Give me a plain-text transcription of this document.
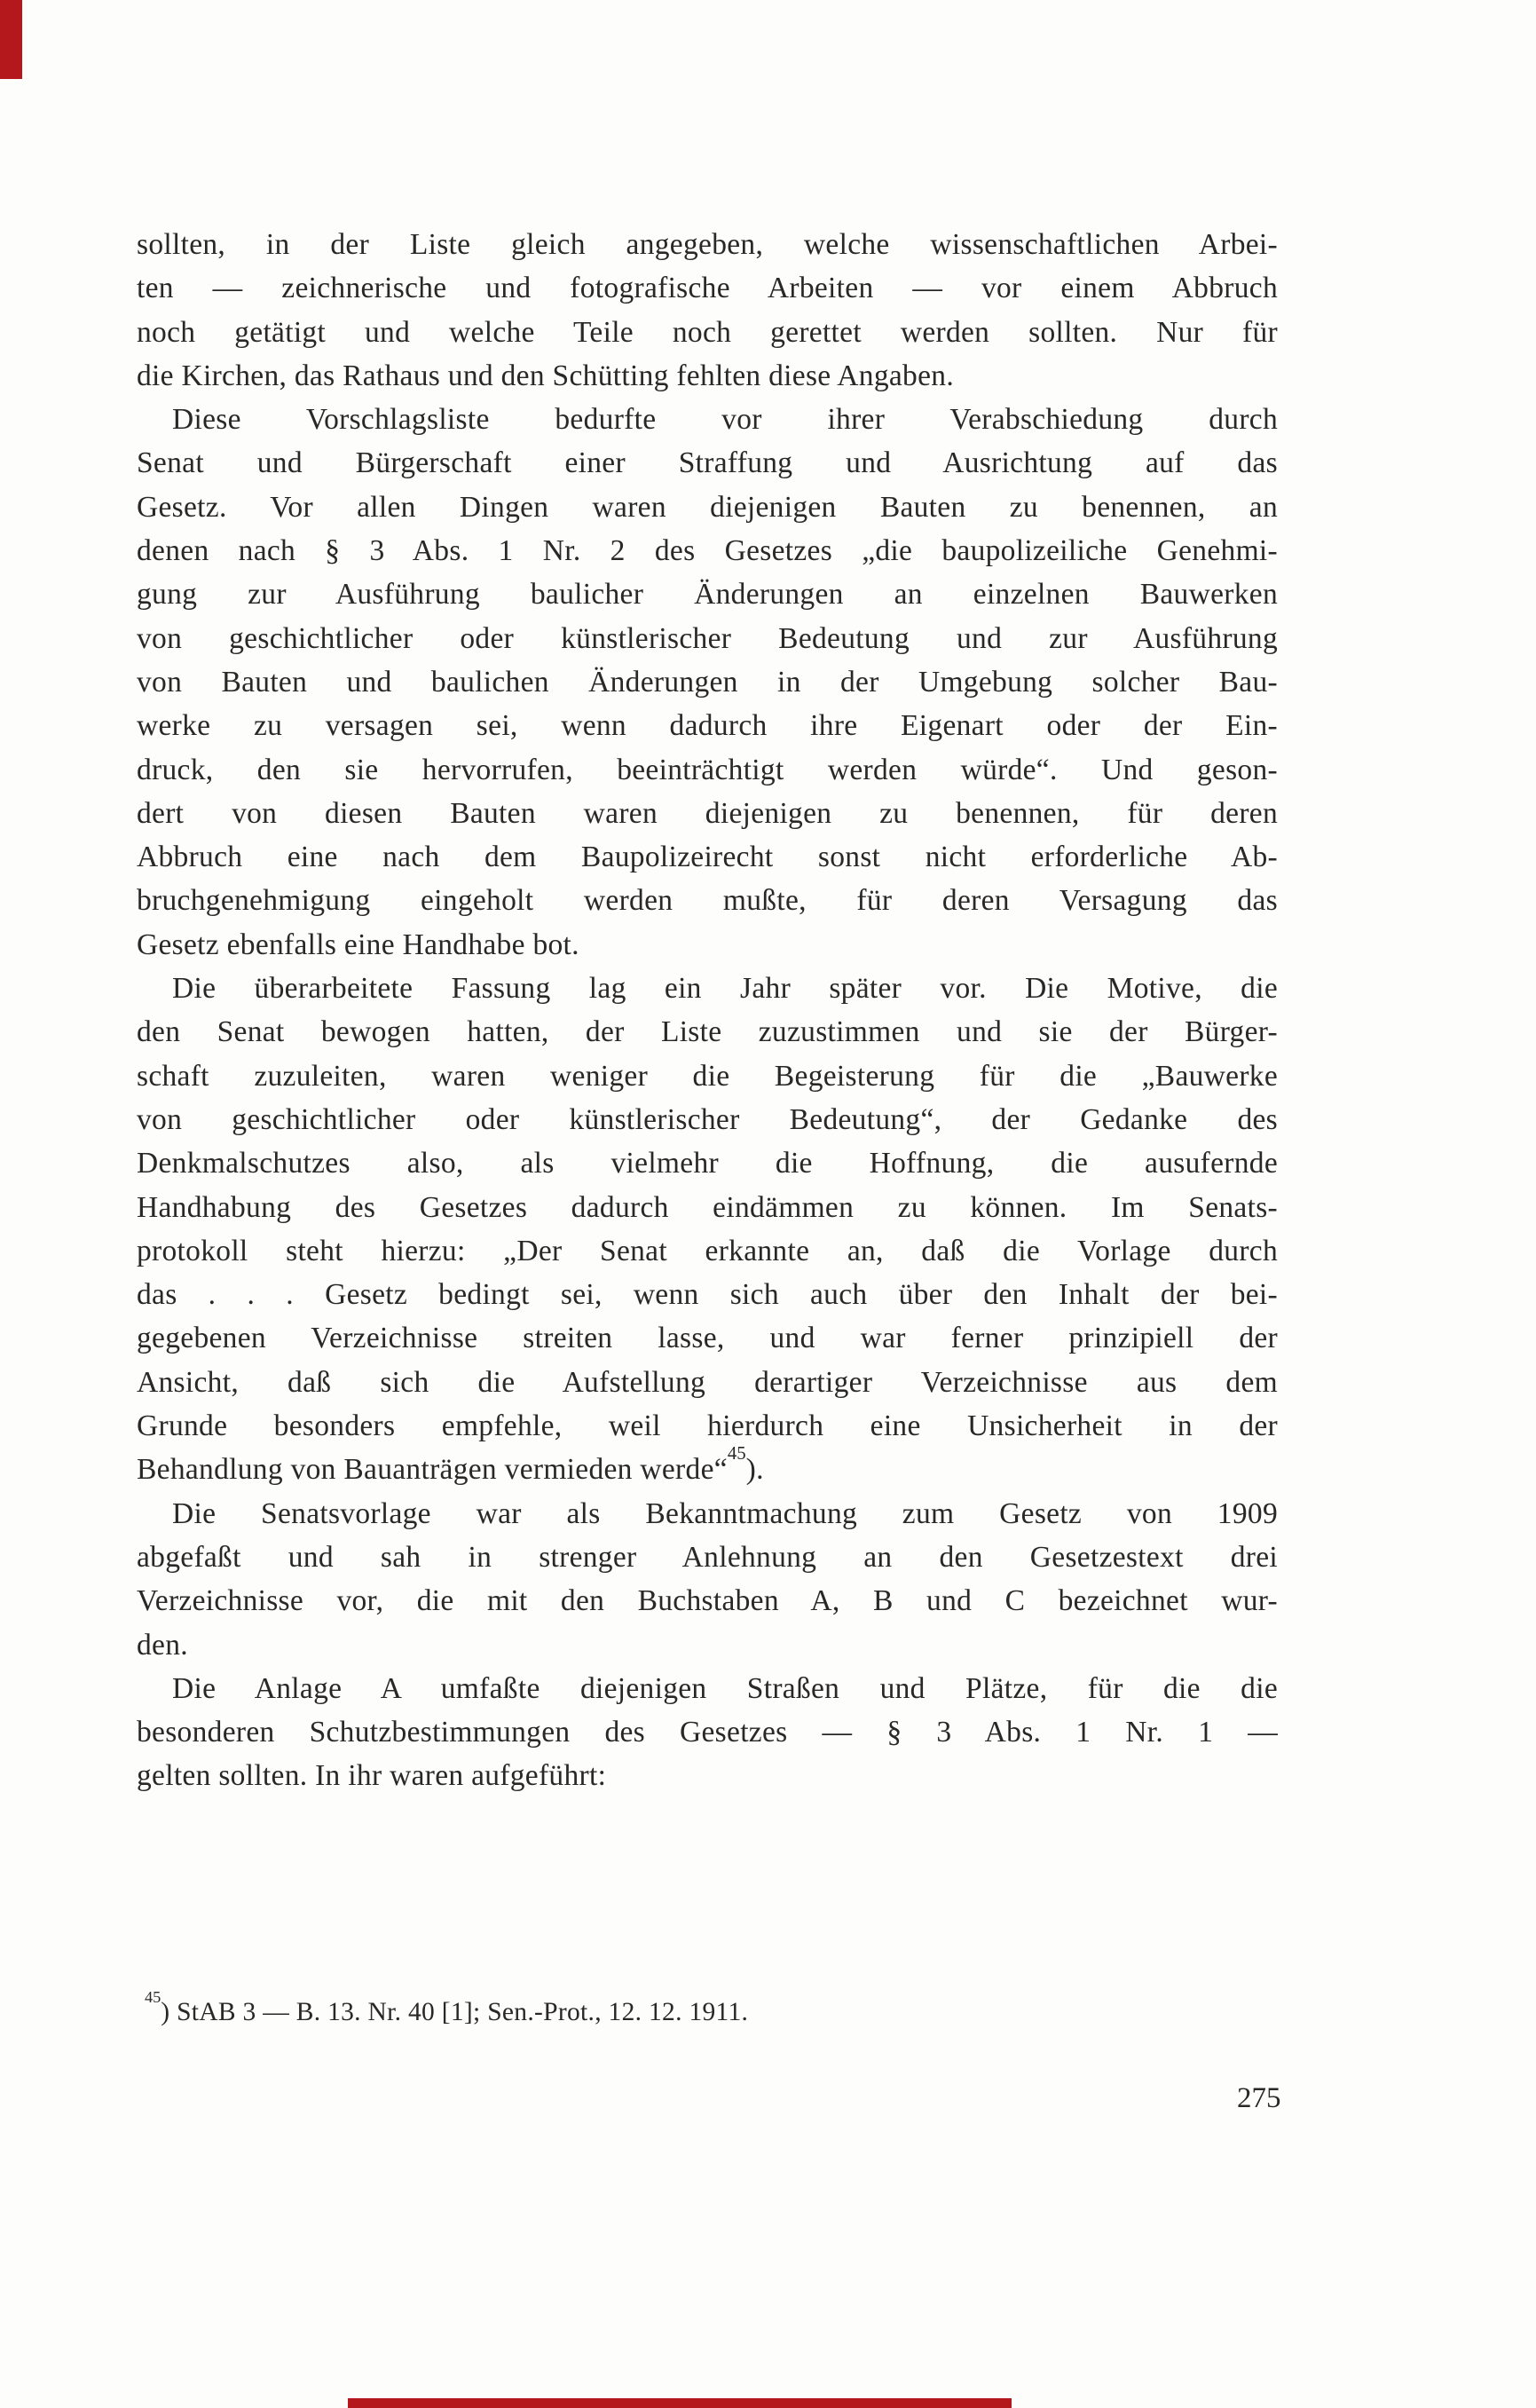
sollten, in der Liste gleich angegeben, welche wissenschaftlichen Arbei-
ten — zeichnerische und fotografische Arbeiten — vor einem Abbruch
noch getätigt und welche Teile noch gerettet werden sollten. Nur für
die Kirchen, das Rathaus und den Schütting fehlten diese Angaben.
Diese Vorschlagsliste bedurfte vor ihrer Verabschiedung durch
Senat und Bürgerschaft einer Straffung und Ausrichtung auf das
Gesetz. Vor allen Dingen waren diejenigen Bauten zu benennen, an
denen nach § 3 Abs. 1 Nr. 2 des Gesetzes „die baupolizeiliche Genehmi-
gung zur Ausführung baulicher Änderungen an einzelnen Bauwerken
von geschichtlicher oder künstlerischer Bedeutung und zur Ausführung
von Bauten und baulichen Änderungen in der Umgebung solcher Bau-
werke zu versagen sei, wenn dadurch ihre Eigenart oder der Ein-
druck, den sie hervorrufen, beeinträchtigt werden würde“. Und geson-
dert von diesen Bauten waren diejenigen zu benennen, für deren
Abbruch eine nach dem Baupolizeirecht sonst nicht erforderliche Ab-
bruchgenehmigung eingeholt werden mußte, für deren Versagung das
Gesetz ebenfalls eine Handhabe bot.
Die überarbeitete Fassung lag ein Jahr später vor. Die Motive, die
den Senat bewogen hatten, der Liste zuzustimmen und sie der Bürger-
schaft zuzuleiten, waren weniger die Begeisterung für die „Bauwerke
von geschichtlicher oder künstlerischer Bedeutung“, der Gedanke des
Denkmalschutzes also, als vielmehr die Hoffnung, die ausufernde
Handhabung des Gesetzes dadurch eindämmen zu können. Im Senats-
protokoll steht hierzu: „Der Senat erkannte an, daß die Vorlage durch
das . . . Gesetz bedingt sei, wenn sich auch über den Inhalt der bei-
gegebenen Verzeichnisse streiten lasse, und war ferner prinzipiell der
Ansicht, daß sich die Aufstellung derartiger Verzeichnisse aus dem
Grunde besonders empfehle, weil hierdurch eine Unsicherheit in der
Behandlung von Bauanträgen vermieden werde“$^{45}$).
Die Senatsvorlage war als Bekanntmachung zum Gesetz von 1909
abgefaßt und sah in strenger Anlehnung an den Gesetzestext drei
Verzeichnisse vor, die mit den Buchstaben A, B und C bezeichnet wur-
den.
Die Anlage A umfaßte diejenigen Straßen und Plätze, für die die
besonderen Schutzbestimmungen des Gesetzes — § 3 Abs. 1 Nr. 1 —
gelten sollten. In ihr waren aufgeführt:
$^{45}$) StAB 3 — B. 13. Nr. 40 [1]; Sen.-Prot., 12. 12. 1911.
275
